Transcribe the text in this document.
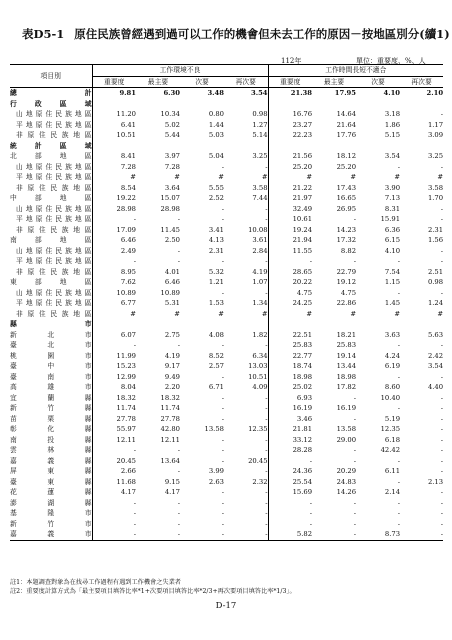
表D5-1 原住民族曾經遇到過可以工作的機會但未去工作的原因－按地區別分(續1)
112年	單位：重要度、%、人
項目別	工作環境不良				工作時間長短不適合			
	重要度	最主要	次要	再次要	重要度	最主要	次要	再次要
總計	9.81	6.30	3.48	3.54	21.38	17.95	4.10	2.10
行政區域								
山地原住民族地區	11.20	10.34	0.80	0.98	16.76	14.64	3.18	-
平地原住民族地區	6.41	5.02	1.44	1.27	23.27	21.64	1.86	1.17
非原住民族地區	10.51	5.44	5.03	5.14	22.23	17.76	5.15	3.09
統計區域								
北部地區	8.41	3.97	5.04	3.25	21.56	18.12	3.54	3.25
山地原住民族地區	7.28	7.28	-	-	25.20	25.20	-	-
平地原住民族地區	#	#	#	#	#	#	#	#
非原住民族地區	8.54	3.64	5.55	3.58	21.22	17.43	3.90	3.58
中部地區	19.22	15.07	2.52	7.44	21.97	16.65	7.13	1.70
山地原住民族地區	28.98	28.98	-	-	32.49	26.95	8.31	-
平地原住民族地區	-	-	-	-	10.61	-	15.91	-
非原住民族地區	17.09	11.45	3.41	10.08	19.24	14.23	6.36	2.31
南部地區	6.46	2.50	4.13	3.61	21.94	17.32	6.15	1.56
山地原住民族地區	2.49	-	2.31	2.84	11.55	8.82	4.10	-
平地原住民族地區	-	-	-	-	-	-	-	-
非原住民族地區	8.95	4.01	5.32	4.19	28.65	22.79	7.54	2.51
東部地區	7.62	6.46	1.21	1.07	20.22	19.12	1.15	0.98
山地原住民族地區	10.89	10.89	-	-	4.75	4.75	-	-
平地原住民族地區	6.77	5.31	1.53	1.34	24.25	22.86	1.45	1.24
非原住民族地區	#	#	#	#	#	#	#	#
縣市								
新北市	6.07	2.75	4.08	1.82	22.51	18.21	3.63	5.63
臺北市	-	-	-	-	25.83	25.83	-	-
桃園市	11.99	4.19	8.52	6.34	22.77	19.14	4.24	2.42
臺中市	15.23	9.17	2.57	13.03	18.74	13.44	6.19	3.54
臺南市	12.99	9.49	-	10.51	18.98	18.98	-	-
高雄市	8.04	2.20	6.71	4.09	25.02	17.82	8.60	4.40
宜蘭縣	18.32	18.32	-	-	6.93	-	10.40	-
新竹縣	11.74	11.74	-	-	16.19	16.19	-	-
苗栗縣	27.78	27.78	-	-	3.46	-	5.19	-
彰化縣	55.97	42.80	13.58	12.35	21.81	13.58	12.35	-
南投縣	12.11	12.11	-	-	33.12	29.00	6.18	-
雲林縣	-	-	-	-	28.28	-	42.42	-
嘉義縣	20.45	13.64	-	20.45	-	-	-	-
屏東縣	2.66	-	3.99	-	24.36	20.29	6.11	-
臺東縣	11.68	9.15	2.63	2.32	25.54	24.83	-	2.13
花蓮縣	4.17	4.17	-	-	15.69	14.26	2.14	-
澎湖縣	-	-	-	-	-	-	-	-
基隆市	-	-	-	-	-	-	-	-
新竹市	-	-	-	-	-	-	-	-
嘉義市	-	-	-	-	5.82	-	8.73	-
註1：本題調查對象為在找尋工作過程有遇到工作機會之失業者
註2：重要度計算方式為「最主要項目填答比率*1+次要項目填答比率*2/3+再次要項目填答比率*1/3」。
D-17
